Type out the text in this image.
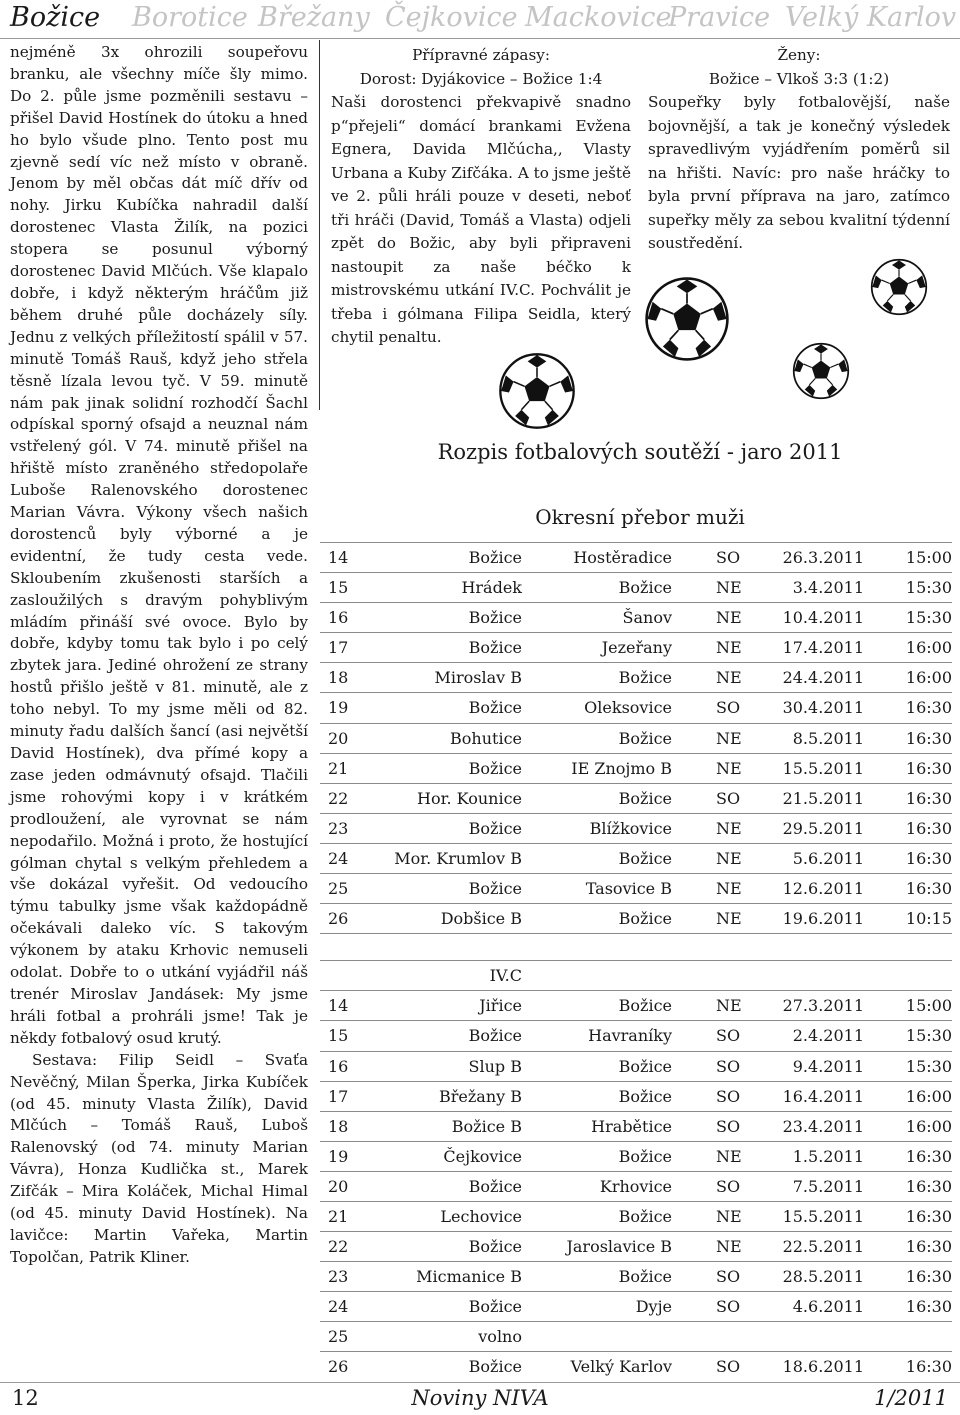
Božice Borotice Břežany Čejkovice Mackovice
Pravice Velký Karlov

nejméně 3x ohrozili soupeřovu branku, ale všechny míče šly mimo. Do 2. půle jsme pozměnili sestavu – přišel David Hostínek do útoku a hned ho bylo všude plno. Tento post mu zjevně sedí víc než místo v obraně. Jenom by měl občas dát míč dřív od nohy. Jirku Kubíčka nahradil další dorostenec Vlasta Žilík, na pozici stopera se posunul výborný dorostenec David Mlčúch. Vše klapalo dobře, i když některým hráčům již během druhé půle docházely síly. Jednu z velkých příležitostí spálil v 57. minutě Tomáš Rauš, když jeho střela těsně lízala levou tyč. V 59. minutě nám pak jinak solidní rozhodčí Šachl odpískal sporný ofsajd a neuznal nám vstřelený gól. V 74. minutě přišel na hřiště místo zraněného středopolaře Luboše Ralenovského dorostenec Marian Vávra. Výkony všech našich dorostenců byly výborné a je evidentní, že tudy cesta vede. Skloubením zkušenosti starších a zasloužilých s dravým pohyblivým mládím přináší své ovoce. Bylo by dobře, kdyby tomu tak bylo i po celý zbytek jara. Jediné ohrožení ze strany hostů přišlo ještě v 81. minutě, ale z toho nebyl. To my jsme měli od 82. minuty řadu dalších šancí (asi největší David Hostínek), dva přímé kopy a zase jeden odmávnutý ofsajd. Tlačili jsme rohovými kopy i v krátkém prodloužení, ale vyrovnat se nám nepodařilo. Možná i proto, že hostující gólman chytal s velkým přehledem a vše dokázal vyřešit. Od vedoucího týmu tabulky jsme však každopádně očekávali daleko víc. S takovým výkonem by ataku Krhovic nemuseli odolat. Dobře to o utkání vyjádřil náš trenér Miroslav Jandásek: My jsme hráli fotbal a prohráli jsme! Tak je někdy fotbalový osud krutý.

Sestava: Filip Seidl – Svaťa Nevěčný, Milan Šperka, Jirka Kubíček (od 45. minuty Vlasta Žilík), David Mlčúch – Tomáš Rauš, Luboš Ralenovský (od 74. minuty Marian Vávra), Honza Kudlička st., Marek Zifčák – Mira Koláček, Michal Himal (od 45. minuty David Hostínek). Na lavičce: Martin Vařeka, Martin Topolčan, Patrik Kliner.

Přípravné zápasy:

Dorost: Dyjákovice – Božice 1:4

Naši dorostenci překvapivě snadno p“přejeli“ domácí brankami Evžena Egnera, Davida Mlčúcha,, Vlasty Urbana a Kuby Zifčáka. A to jsme ještě ve 2. půli hráli pouze v deseti, neboť tři hráči (David, Tomáš a Vlasta) odjeli zpět do Božic, aby byli připraveni nastoupit za naše béčko k mistrovskému utkání IV.C. Pochválit je třeba i gólmana Filipa Seidla, který chytil penaltu.

Ženy:

Božice – Vlkoš 3:3 (1:2)

Soupeřky byly fotbalovější, naše bojovnější, a tak je konečný výsledek spravedlivým vyjádřením poměrů sil na hřišti. Navíc: pro naše hráčky to byla první příprava na jaro, zatímco supeřky měly za sebou kvalitní týdenní soustředění.

Rozpis fotbalových soutěží - jaro 2011
Okresní přebor muži
14	Božice	Hostěradice	SO	26.3.2011	15:00
15	Hrádek	Božice	NE	3.4.2011	15:30
16	Božice	Šanov	NE	10.4.2011	15:30
17	Božice	Jezeřany	NE	17.4.2011	16:00
18	Miroslav B	Božice	NE	24.4.2011	16:00
19	Božice	Oleksovice	SO	30.4.2011	16:30
20	Bohutice	Božice	NE	8.5.2011	16:30
21	Božice	IE Znojmo B	NE	15.5.2011	16:30
22	Hor. Kounice	Božice	SO	21.5.2011	16:30
23	Božice	Blížkovice	NE	29.5.2011	16:30
24	Mor. Krumlov B	Božice	NE	5.6.2011	16:30
25	Božice	Tasovice B	NE	12.6.2011	16:30
26	Dobšice B	Božice	NE	19.6.2011	10:15
IV.C
14	Jiřice	Božice	NE	27.3.2011	15:00
15	Božice	Havraníky	SO	2.4.2011	15:30
16	Slup B	Božice	SO	9.4.2011	15:30
17	Břežany B	Božice	SO	16.4.2011	16:00
18	Božice B	Hrabětice	SO	23.4.2011	16:00
19	Čejkovice	Božice	NE	1.5.2011	16:30
20	Božice	Krhovice	SO	7.5.2011	16:30
21	Lechovice	Božice	NE	15.5.2011	16:30
22	Božice	Jaroslavice B	NE	22.5.2011	16:30
23	Micmanice B	Božice	SO	28.5.2011	16:30
24	Božice	Dyje	SO	4.6.2011	16:30
25	volno
26	Božice	Velký Karlov	SO	18.6.2011	16:30
12	Noviny NIVA	1/2011
